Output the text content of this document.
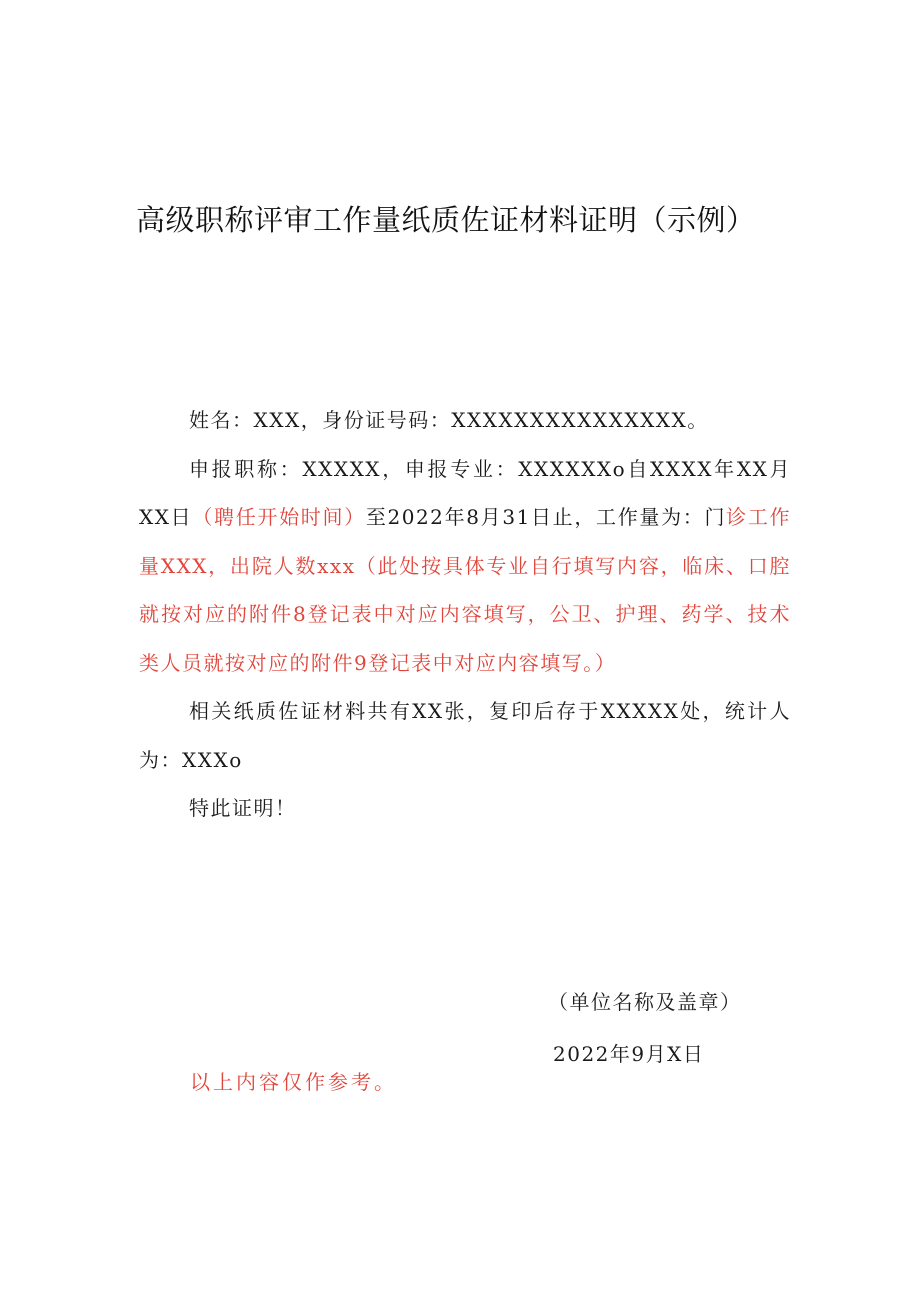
高级职称评审工作量纸质佐证材料证明（示例）

姓名：XXX，身份证号码：XXXXXXXXXXXXXXX。

申报职称：XXXXX，申报专业：XXXXXXo自XXXX年XX月XX日（聘任开始时间）至2022年8月31日止，工作量为：门诊工作量XXX，出院人数xxx（此处按具体专业自行填写内容，临床、口腔就按对应的附件8登记表中对应内容填写，公卫、护理、药学、技术类人员就按对应的附件9登记表中对应内容填写。）

相关纸质佐证材料共有XX张，复印后存于XXXXX处，统计人为：XXXo

特此证明！

（单位名称及盖章）
2022年9月X日
以上内容仅作参考。
